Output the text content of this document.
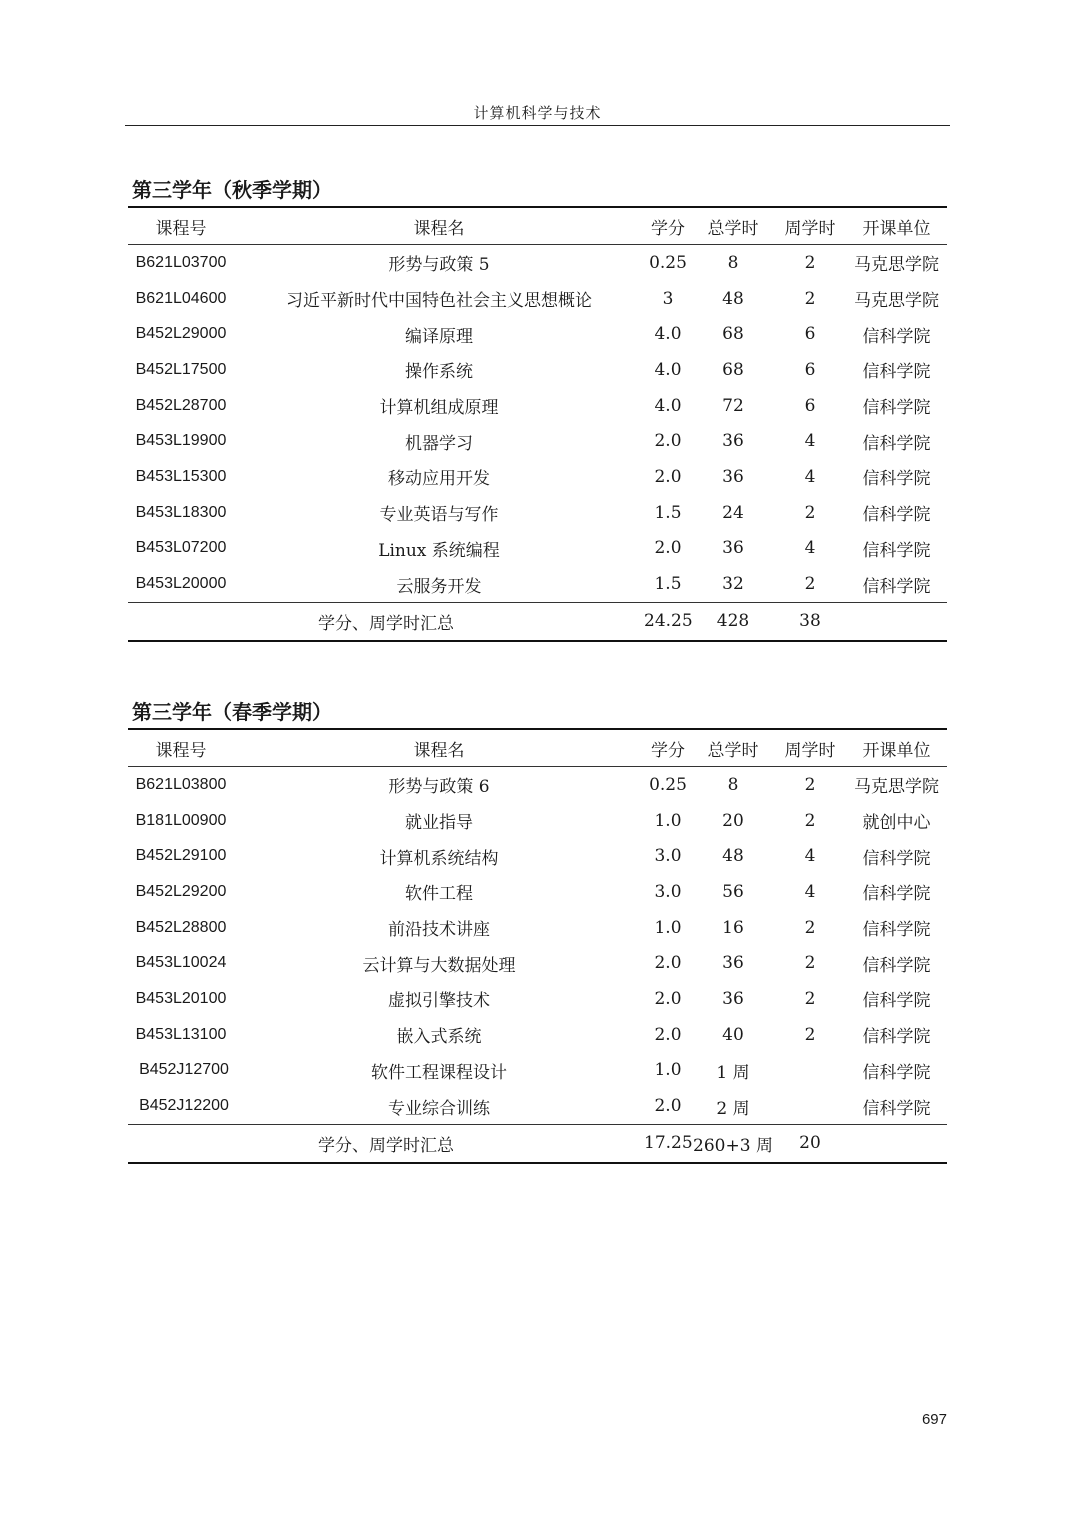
计算机科学与技术
第三学年（秋季学期）
课程号	课程名	学分	总学时	周学时	开课单位
B621L03700	形势与政策 5	0.25	8	2	马克思学院
B621L04600	习近平新时代中国特色社会主义思想概论	3	48	2	马克思学院
B452L29000	编译原理	4.0	68	6	信科学院
B452L17500	操作系统	4.0	68	6	信科学院
B452L28700	计算机组成原理	4.0	72	6	信科学院
B453L19900	机器学习	2.0	36	4	信科学院
B453L15300	移动应用开发	2.0	36	4	信科学院
B453L18300	专业英语与写作	1.5	24	2	信科学院
B453L07200	Linux 系统编程	2.0	36	4	信科学院
B453L20000	云服务开发	1.5	32	2	信科学院
学分、周学时汇总		24.25	428	38	
第三学年（春季学期）
课程号	课程名	学分	总学时	周学时	开课单位
B621L03800	形势与政策 6	0.25	8	2	马克思学院
B181L00900	就业指导	1.0	20	2	就创中心
B452L29100	计算机系统结构	3.0	48	4	信科学院
B452L29200	软件工程	3.0	56	4	信科学院
B452L28800	前沿技术讲座	1.0	16	2	信科学院
B453L10024	云计算与大数据处理	2.0	36	2	信科学院
B453L20100	虚拟引擎技术	2.0	36	2	信科学院
B453L13100	嵌入式系统	2.0	40	2	信科学院
B452J12700	软件工程课程设计	1.0	1 周		信科学院
B452J12200	专业综合训练	2.0	2 周		信科学院
学分、周学时汇总		17.25	260+3 周	20	
697
